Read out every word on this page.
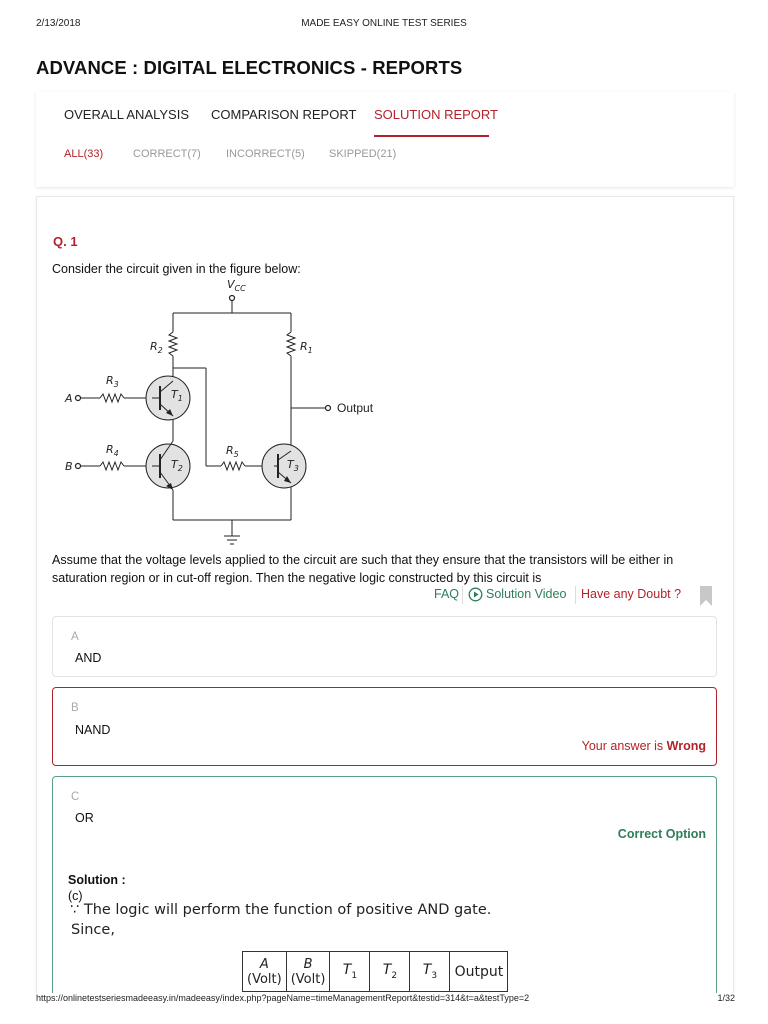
2/13/2018	MADE EASY ONLINE TEST SERIES
ADVANCE : DIGITAL ELECTRONICS - REPORTS
OVERALL ANALYSIS COMPARISON REPORT SOLUTION REPORT
ALL(33)	CORRECT(7) INCORRECT(5) SKIPPED(21)
Q. 1
Consider the circuit given in the figure below:
$V_{CC}$
$R_2$	$R_1$
$R_3$
$R_4$	$R_5$
$T_1$
$T_2$	$T_3$
A
B
Output
Assume that the voltage levels applied to the circuit are such that they ensure that the transistors will be either in saturation region or in cut-off region. Then the negative logic constructed by this circuit is
FAQ Solution Video Have any Doubt ?
A
AND
B
NAND
Your answer is Wrong
C
OR
Correct Option
Solution :
(c)
∵ The logic will perform the function of positive AND gate.
Since,
A
(Volt)	B
(Volt)	$T_1$	$T_2$	$T_3$	Output
https://onlinetestseriesmadeeasy.in/madeeasy/index.php?pageName=timeManagementReport&testid=314&t=a&testType=2	1/32
